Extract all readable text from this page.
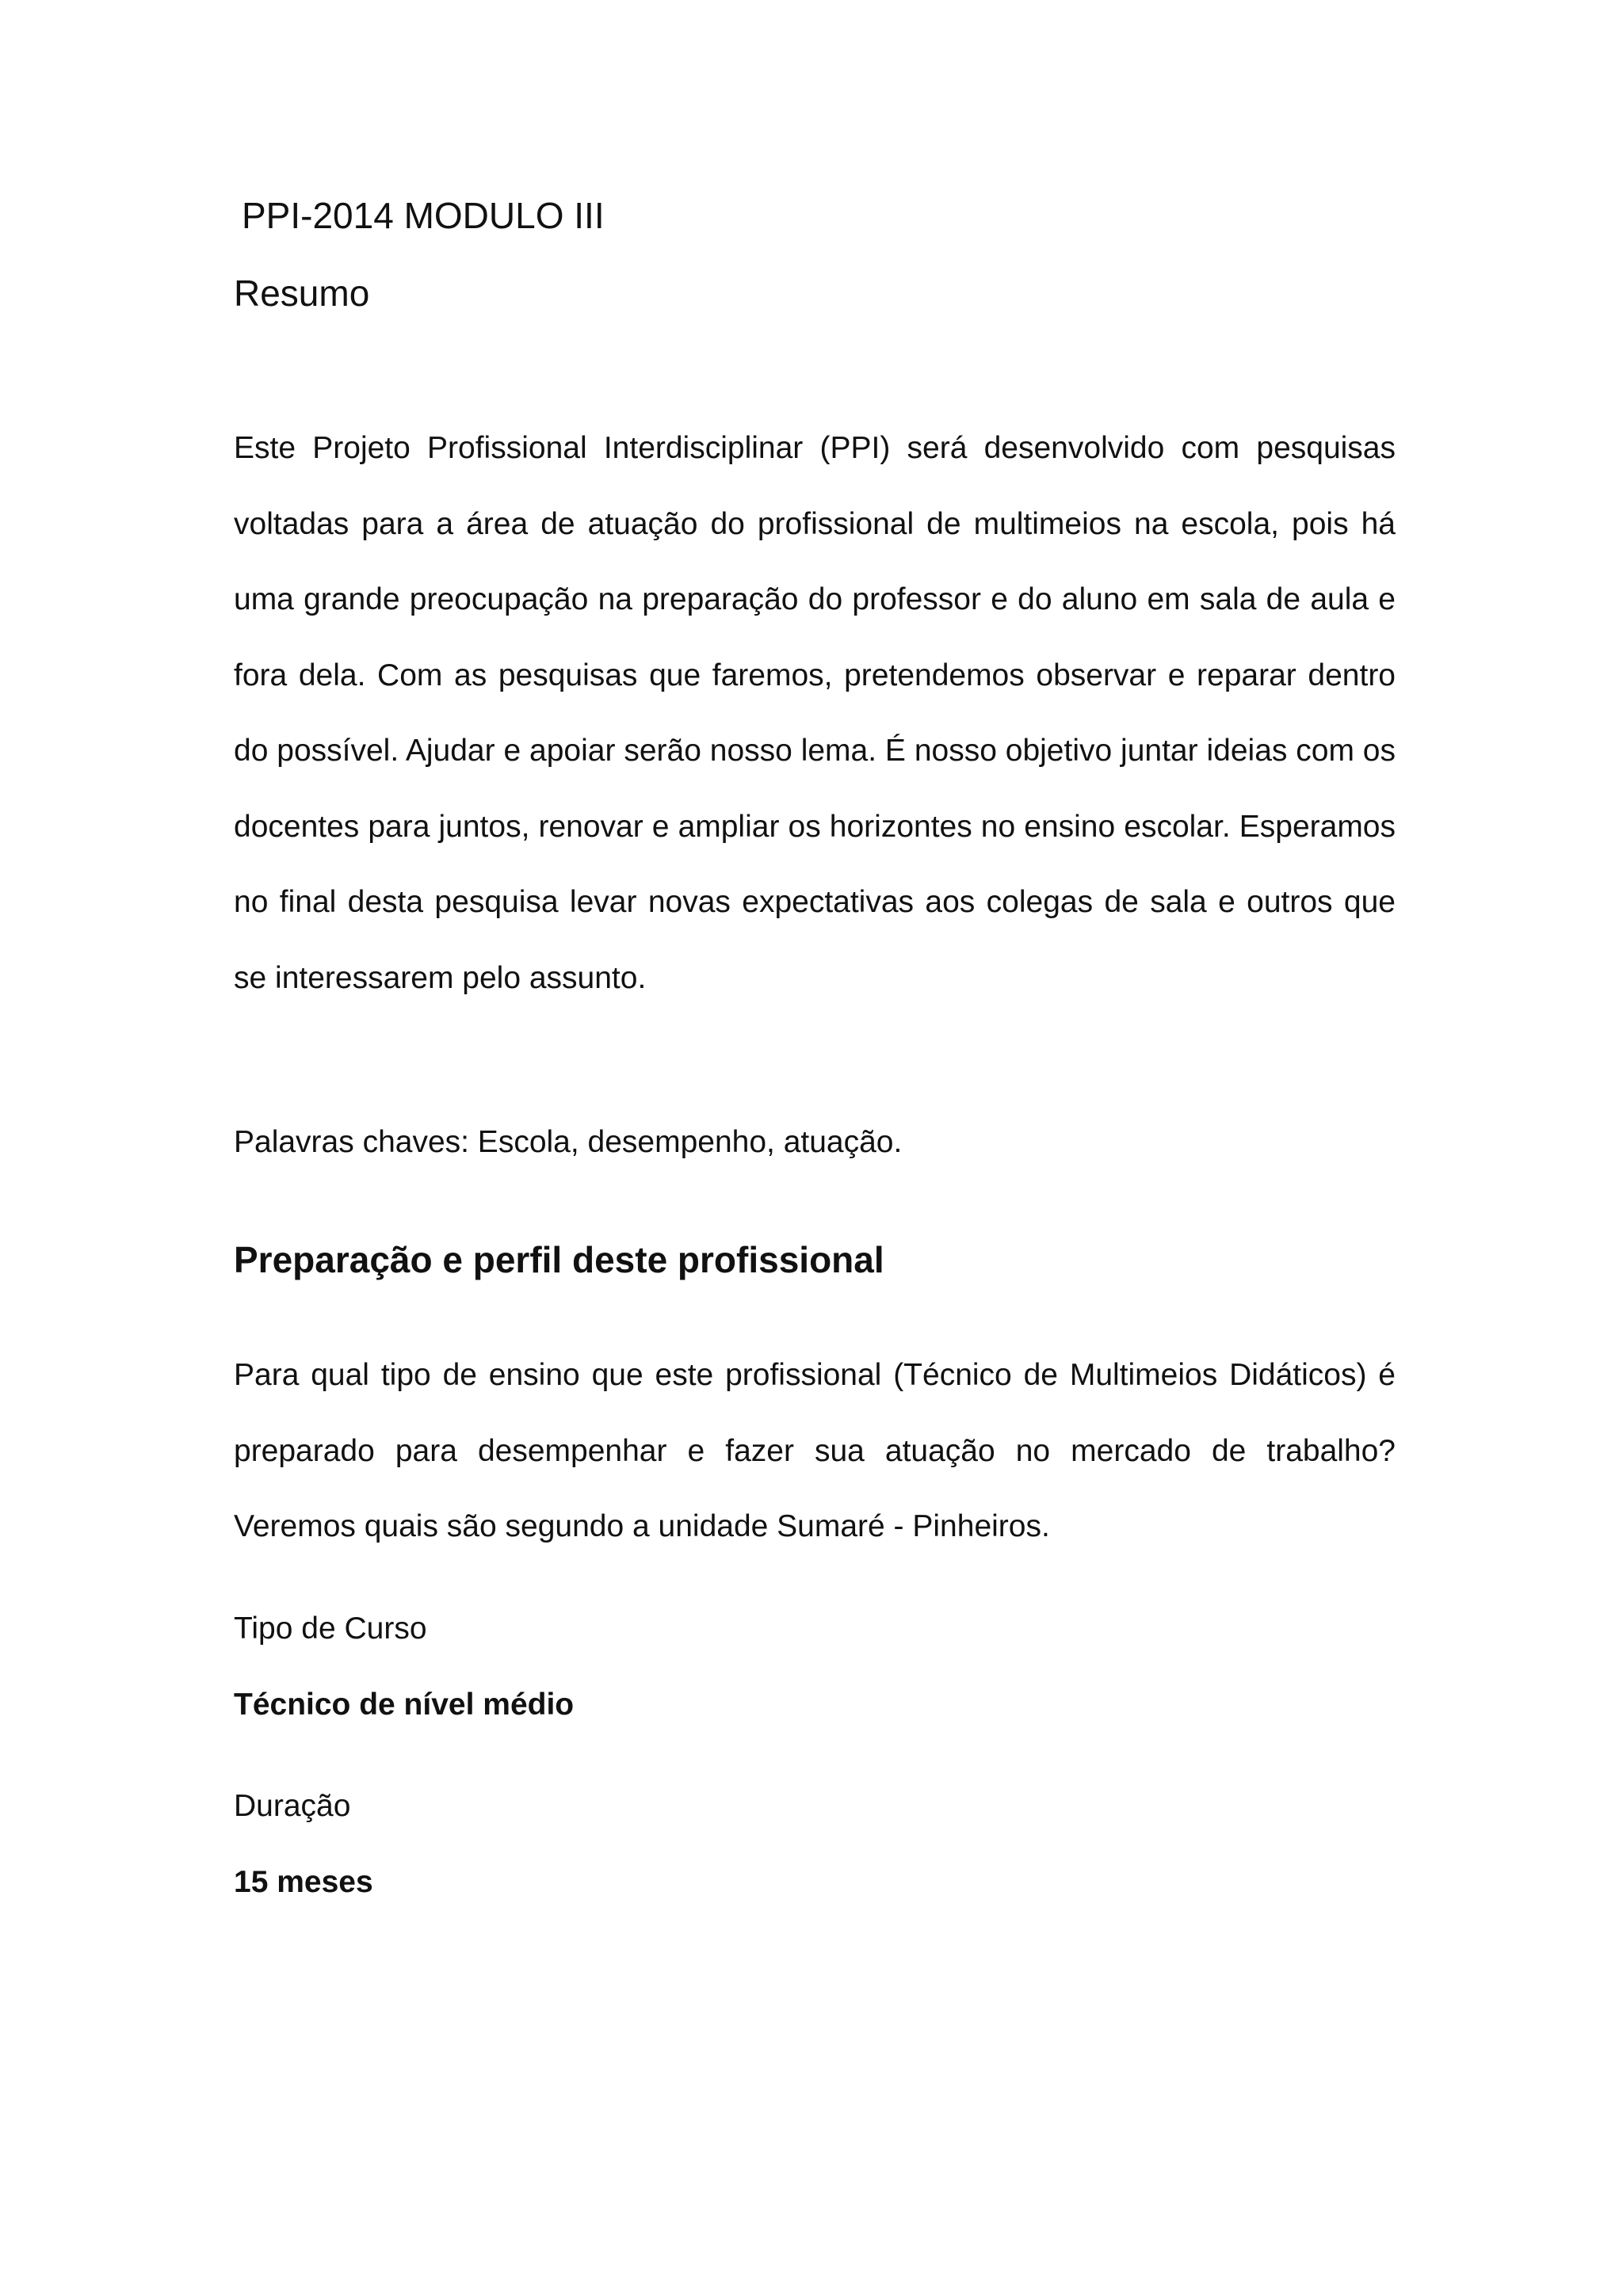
PPI-2014 MODULO III
Resumo

Este Projeto Profissional Interdisciplinar (PPI) será desenvolvido com pesquisas voltadas para a área de atuação do profissional de multimeios na escola, pois há uma grande preocupação na preparação do professor e do aluno em sala de aula e fora dela. Com as pesquisas que faremos, pretendemos observar e reparar dentro do possível. Ajudar e apoiar serão nosso lema. É nosso objetivo juntar ideias com os docentes para juntos, renovar e ampliar os horizontes no ensino escolar. Esperamos no final desta pesquisa levar novas expectativas aos colegas de sala e outros que se interessarem pelo assunto.

Palavras chaves: Escola, desempenho, atuação.

Preparação e perfil deste profissional

Para qual tipo de ensino que este profissional (Técnico de Multimeios Didáticos) é preparado para desempenhar e fazer sua atuação no mercado de trabalho? Veremos quais são segundo a unidade Sumaré - Pinheiros.

Tipo de Curso

Técnico de nível médio

Duração

15 meses
